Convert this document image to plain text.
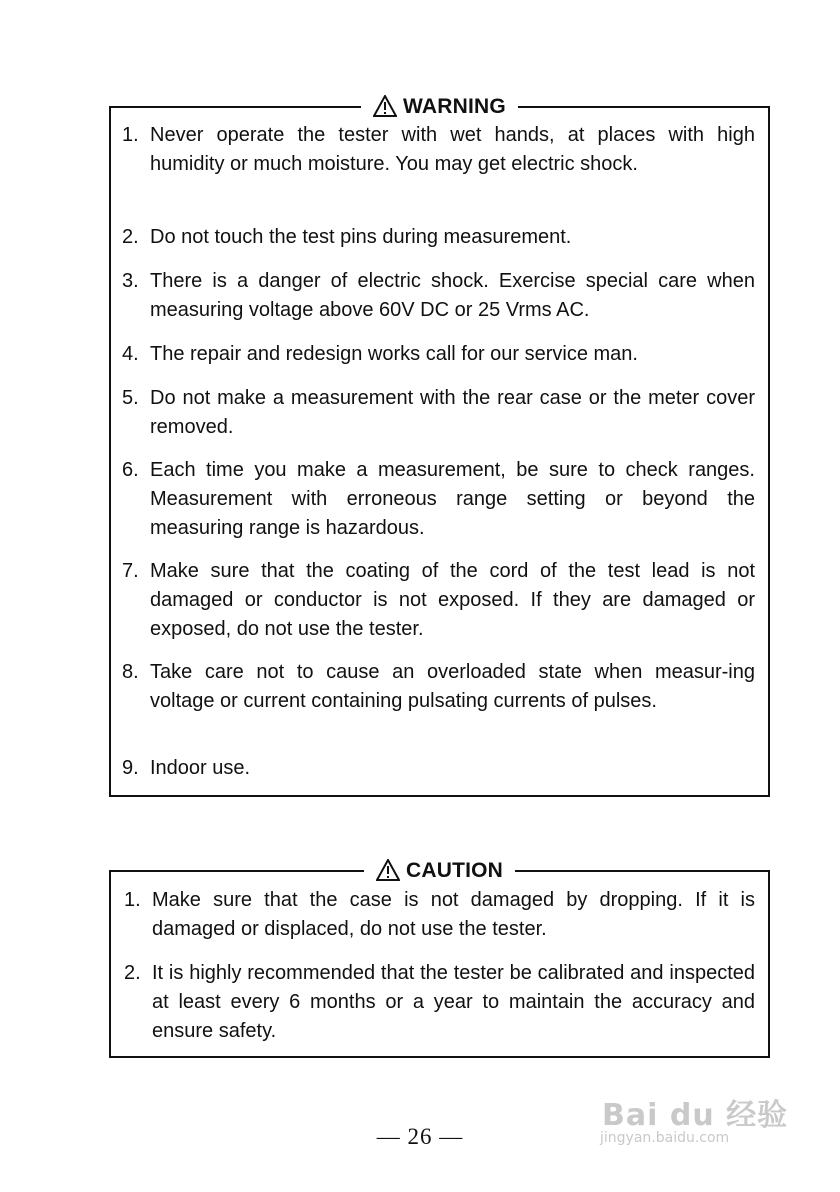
WARNING
1. Never operate the tester with wet hands, at places with high humidity or much moisture. You may get electric shock.
2. Do not touch the test pins during measurement.
3. There is a danger of electric shock. Exercise special care when measuring voltage above 60V DC or 25 Vrms AC.
4. The repair and redesign works call for our service man.
5. Do not make a measurement with the rear case or the meter cover removed.
6. Each time you make a measurement, be sure to check ranges. Measurement with erroneous range setting or beyond the measuring range is hazardous.
7. Make sure that the coating of the cord of the test lead is not damaged or conductor is not exposed. If they are damaged or exposed, do not use the tester.
8. Take care not to cause an overloaded state when measur-ing voltage or current containing pulsating currents of pulses.
9. Indoor use.
CAUTION
1. Make sure that the case is not damaged by dropping. If it is damaged or displaced, do not use the tester.
2. It is highly recommended that the tester be calibrated and inspected at least every 6 months or a year to maintain the accuracy and ensure safety.
— 26 —
Bai du 经验
jingyan.baidu.com
